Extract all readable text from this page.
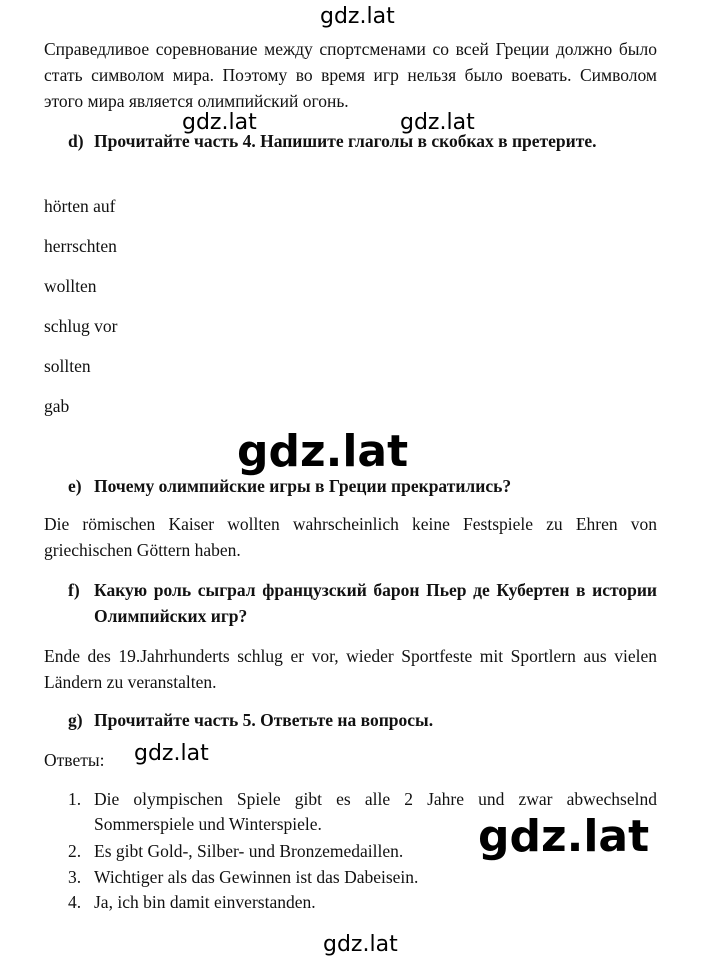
gdz.lat
Справедливое соревнование между спортсменами со всей Греции должно было стать символом мира. Поэтому во время игр нельзя было воевать. Символом этого мира является олимпийский огонь.
gdz.lat	gdz.lat
d) Прочитайте часть 4. Напишите глаголы в скобках в претерите.
hörten auf
herrschten
wollten
schlug vor
sollten
gab
gdz.lat
e) Почему олимпийские игры в Греции прекратились?
Die römischen Kaiser wollten wahrscheinlich keine Festspiele zu Ehren von griechischen Göttern haben.
f) Какую роль сыграл французский барон Пьер де Кубертен в истории Олимпийских игр?
Ende des 19.Jahrhunderts schlug er vor, wieder Sportfeste mit Sportlern aus vielen Ländern zu veranstalten.
g) Прочитайте часть 5. Ответьте на вопросы.
Ответы: gdz.lat
1. Die olympischen Spiele gibt es alle 2 Jahre und zwar abwechselnd Sommerspiele und Winterspiele.
2. Es gibt Gold-, Silber- und Bronzemedaillen.
3. Wichtiger als das Gewinnen ist das Dabeisein.
4. Ja, ich bin damit einverstanden.
gdz.lat
gdz.lat
